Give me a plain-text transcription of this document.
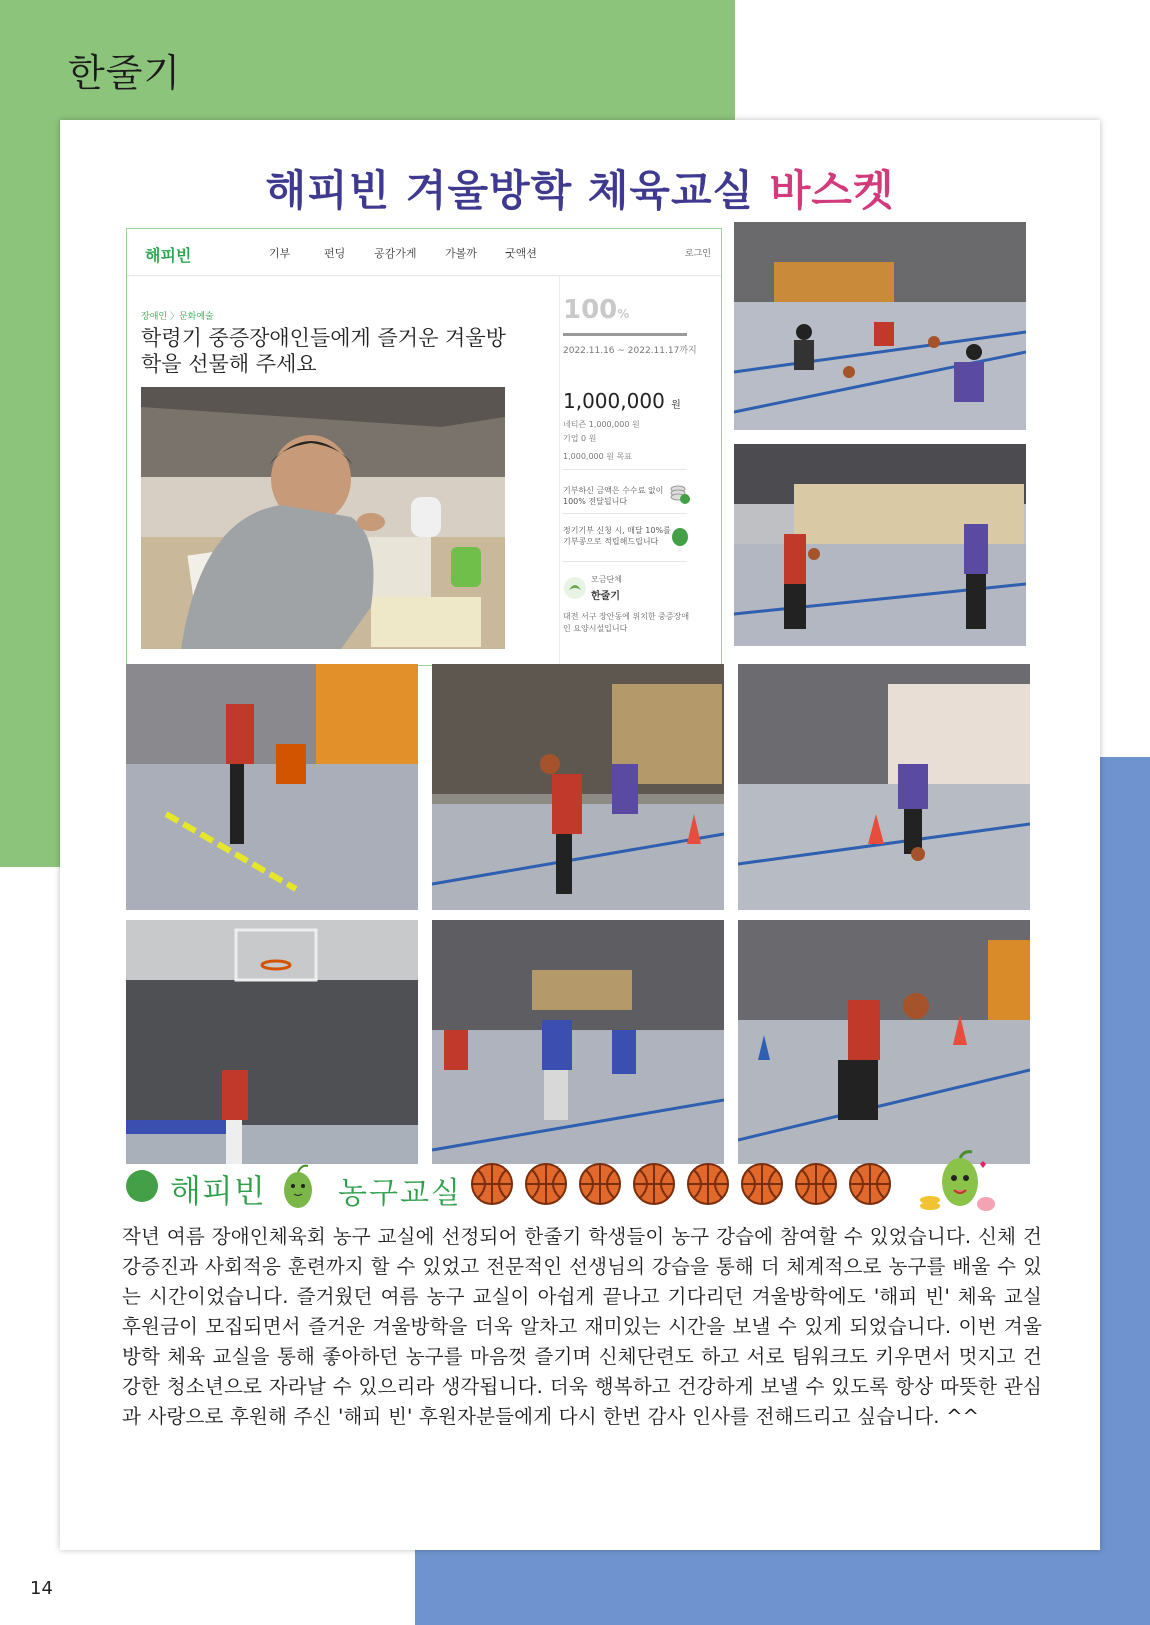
한줄기
해피빈 겨울방학 체육교실 바스켓
해피빈	기부	펀딩	공감가게	가볼까	굿액션	로그인
장애인 〉문화예술
학령기 중증장애인들에게 즐거운 겨울방학을 선물해 주세요
100%
2022.11.16 ~ 2022.11.17까지
1,000,000 원
네티즌 1,000,000 원
기업 0 원
1,000,000 원 목표
기부하신 금액은 수수료 없이 100% 전달됩니다
정기기부 신청 시, 매달 10%를 기부콩으로 적립해드립니다
모금단체
한줄기
대전 서구 장안동에 위치한 중증장애인 요양시설입니다
해피빈 농구교실
작년 여름 장애인체육회 농구 교실에 선정되어 한줄기 학생들이 농구 강습에 참여할 수 있었습니다. 신체 건강증진과 사회적응 훈련까지 할 수 있었고 전문적인 선생님의 강습을 통해 더 체계적으로 농구를 배울 수 있는 시간이었습니다. 즐거웠던 여름 농구 교실이 아쉽게 끝나고 기다리던 겨울방학에도 '해피 빈' 체육 교실 후원금이 모집되면서 즐거운 겨울방학을 더욱 알차고 재미있는 시간을 보낼 수 있게 되었습니다. 이번 겨울방학 체육 교실을 통해 좋아하던 농구를 마음껏 즐기며 신체단련도 하고 서로 팀워크도 키우면서 멋지고 건강한 청소년으로 자라날 수 있으리라 생각됩니다. 더욱 행복하고 건강하게 보낼 수 있도록 항상 따뜻한 관심과 사랑으로 후원해 주신 '해피 빈' 후원자분들에게 다시 한번 감사 인사를 전해드리고 싶습니다. ^^
14
